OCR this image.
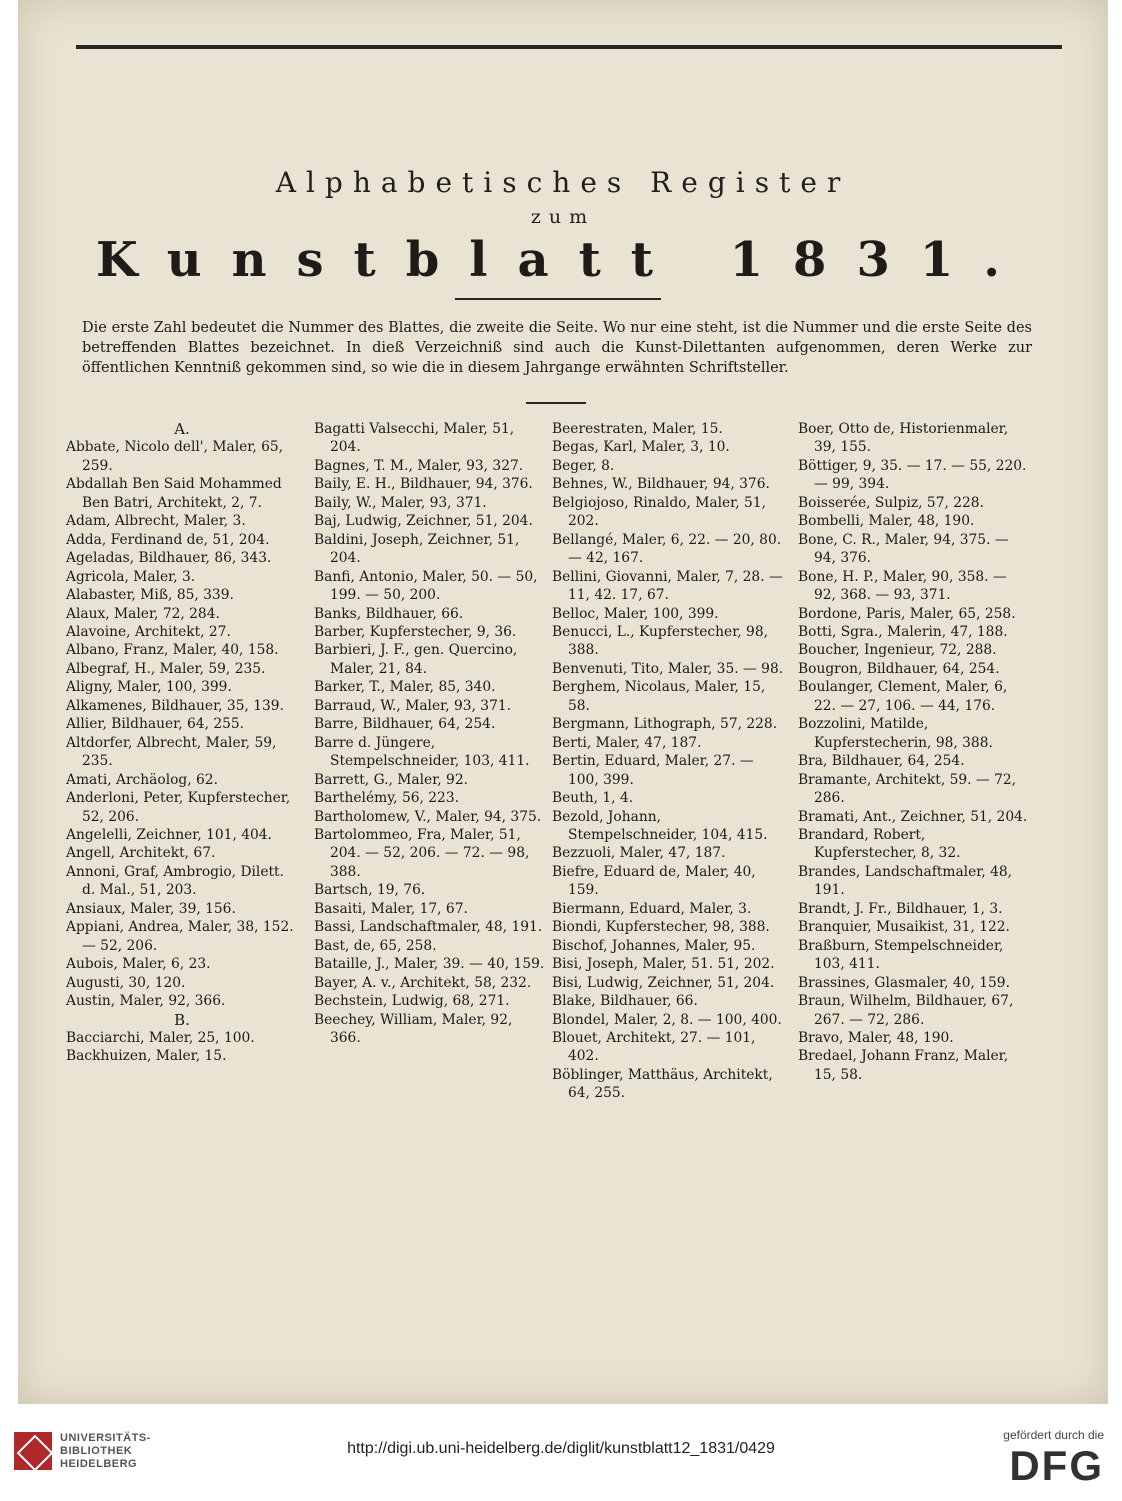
Alphabetisches Register
zum
Kunstblatt 1831.
Die erste Zahl bedeutet die Nummer des Blattes, die zweite die Seite. Wo nur eine steht, ist die Nummer und die erste Seite des betreffenden Blattes bezeichnet. In dieß Verzeichniß sind auch die Kunst-Dilettanten aufgenommen, deren Werke zur öffentlichen Kenntniß gekommen sind, so wie die in diesem Jahrgange erwähnten Schriftsteller.
A.
Abbate, Nicolo dell', Maler, 65, 259.
Abdallah Ben Said Mohammed Ben Batri, Architekt, 2, 7.
Adam, Albrecht, Maler, 3.
Adda, Ferdinand de, 51, 204.
Ageladas, Bildhauer, 86, 343.
Agricola, Maler, 3.
Alabaster, Miß, 85, 339.
Alaux, Maler, 72, 284.
Alavoine, Architekt, 27.
Albano, Franz, Maler, 40, 158.
Albegraf, H., Maler, 59, 235.
Aligny, Maler, 100, 399.
Alkamenes, Bildhauer, 35, 139.
Allier, Bildhauer, 64, 255.
Altdorfer, Albrecht, Maler, 59, 235.
Amati, Archäolog, 62.
Anderloni, Peter, Kupferstecher, 52, 206.
Angelelli, Zeichner, 101, 404.
Angell, Architekt, 67.
Annoni, Graf, Ambrogio, Dilett. d. Mal., 51, 203.
Ansiaux, Maler, 39, 156.
Appiani, Andrea, Maler, 38, 152. — 52, 206.
Aubois, Maler, 6, 23.
Augusti, 30, 120.
Austin, Maler, 92, 366.
B.
Bacciarchi, Maler, 25, 100.
Backhuizen, Maler, 15.
Bagatti Valsecchi, Maler, 51, 204.
Bagnes, T. M., Maler, 93, 327.
Baily, E. H., Bildhauer, 94, 376.
Baily, W., Maler, 93, 371.
Baj, Ludwig, Zeichner, 51, 204.
Baldini, Joseph, Zeichner, 51, 204.
Banfi, Antonio, Maler, 50. — 50, 199. — 50, 200.
Banks, Bildhauer, 66.
Barber, Kupferstecher, 9, 36.
Barbieri, J. F., gen. Quercino, Maler, 21, 84.
Barker, T., Maler, 85, 340.
Barraud, W., Maler, 93, 371.
Barre, Bildhauer, 64, 254.
Barre d. Jüngere, Stempelschneider, 103, 411.
Barrett, G., Maler, 92.
Barthelémy, 56, 223.
Bartholomew, V., Maler, 94, 375.
Bartolommeo, Fra, Maler, 51, 204. — 52, 206. — 72. — 98, 388.
Bartsch, 19, 76.
Basaiti, Maler, 17, 67.
Bassi, Landschaftmaler, 48, 191.
Bast, de, 65, 258.
Bataille, J., Maler, 39. — 40, 159.
Bayer, A. v., Architekt, 58, 232.
Bechstein, Ludwig, 68, 271.
Beechey, William, Maler, 92, 366.
Beerestraten, Maler, 15.
Begas, Karl, Maler, 3, 10.
Beger, 8.
Behnes, W., Bildhauer, 94, 376.
Belgiojoso, Rinaldo, Maler, 51, 202.
Bellangé, Maler, 6, 22. — 20, 80. — 42, 167.
Bellini, Giovanni, Maler, 7, 28. — 11, 42. 17, 67.
Belloc, Maler, 100, 399.
Benucci, L., Kupferstecher, 98, 388.
Benvenuti, Tito, Maler, 35. — 98.
Berghem, Nicolaus, Maler, 15, 58.
Bergmann, Lithograph, 57, 228.
Berti, Maler, 47, 187.
Bertin, Eduard, Maler, 27. — 100, 399.
Beuth, 1, 4.
Bezold, Johann, Stempelschneider, 104, 415.
Bezzuoli, Maler, 47, 187.
Biefre, Eduard de, Maler, 40, 159.
Biermann, Eduard, Maler, 3.
Biondi, Kupferstecher, 98, 388.
Bischof, Johannes, Maler, 95.
Bisi, Joseph, Maler, 51. 51, 202.
Bisi, Ludwig, Zeichner, 51, 204.
Blake, Bildhauer, 66.
Blondel, Maler, 2, 8. — 100, 400.
Blouet, Architekt, 27. — 101, 402.
Böblinger, Matthäus, Architekt, 64, 255.
Boer, Otto de, Historienmaler, 39, 155.
Böttiger, 9, 35. — 17. — 55, 220. — 99, 394.
Boisserée, Sulpiz, 57, 228.
Bombelli, Maler, 48, 190.
Bone, C. R., Maler, 94, 375. — 94, 376.
Bone, H. P., Maler, 90, 358. — 92, 368. — 93, 371.
Bordone, Paris, Maler, 65, 258.
Botti, Sgra., Malerin, 47, 188.
Boucher, Ingenieur, 72, 288.
Bougron, Bildhauer, 64, 254.
Boulanger, Clement, Maler, 6, 22. — 27, 106. — 44, 176.
Bozzolini, Matilde, Kupferstecherin, 98, 388.
Bra, Bildhauer, 64, 254.
Bramante, Architekt, 59. — 72, 286.
Bramati, Ant., Zeichner, 51, 204.
Brandard, Robert, Kupferstecher, 8, 32.
Brandes, Landschaftmaler, 48, 191.
Brandt, J. Fr., Bildhauer, 1, 3.
Branquier, Musaikist, 31, 122.
Braßburn, Stempelschneider, 103, 411.
Brassines, Glasmaler, 40, 159.
Braun, Wilhelm, Bildhauer, 67, 267. — 72, 286.
Bravo, Maler, 48, 190.
Bredael, Johann Franz, Maler, 15, 58.
UNIVERSITÄTS-
BIBLIOTHEK
HEIDELBERG
http://digi.ub.uni-heidelberg.de/diglit/kunstblatt12_1831/0429
gefördert durch die
DFG
